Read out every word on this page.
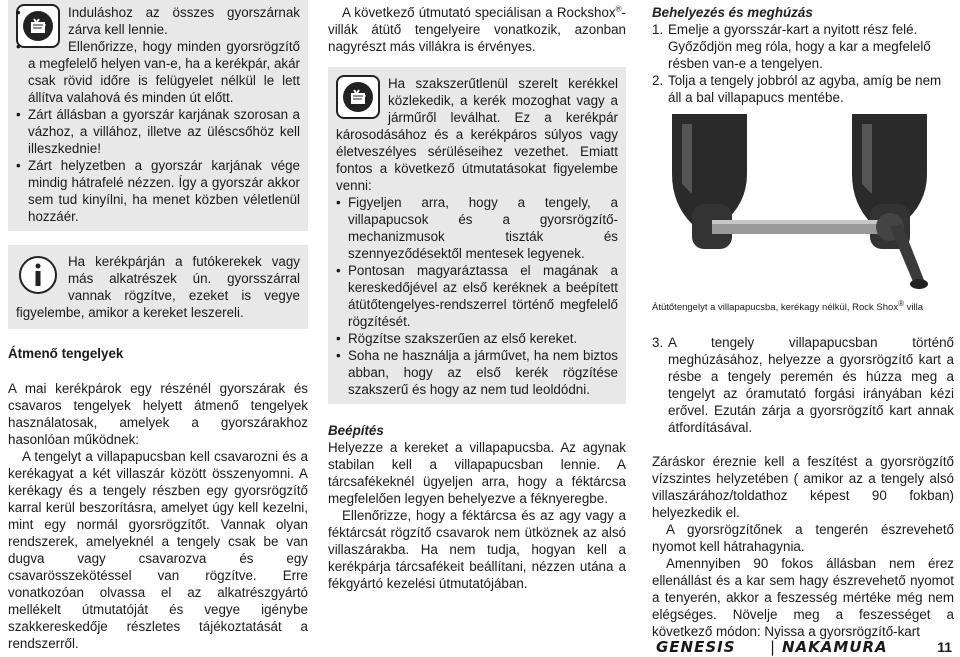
• Induláshoz az összes gyorszárnak zárva kell lennie.
• Ellenőrizze, hogy minden gyorsrögzítő a megfelelő helyen van-e, ha a kerékpár, akár csak rövid időre is felügyelet nélkül le lett állítva valahová és minden út előtt.
• Zárt állásban a gyorszár karjának szorosan a vázhoz, a villához, illetve az üléscsőhöz kell illeszkednie!
• Zárt helyzetben a gyorszár karjának vége mindig hátrafelé nézzen. Így a gyorszár akkor sem tud kinyílni, ha menet közben véletlenül hozzáér.

Ha kerékpárján a futókerekek vagy más alkatrészek ún. gyorsszárral vannak rögzítve, ezeket is vegye figyelembe, amikor a kereket leszereli.

Átmenő tengelyek

A mai kerékpárok egy részénél gyorszárak és csavaros tengelyek helyett átmenő tengelyek használatosak, amelyek a gyorszárakhoz hasonlóan működnek:

A tengelyt a villapapucsban kell csavarozni és a kerékagyat a két villaszár között összenyomni. A kerékagy és a tengely részben egy gyorsrögzítő karral kerül beszorításra, amelyet úgy kell kezelni, mint egy normál gyorsrögzítőt. Vannak olyan rendszerek, amelyeknél a tengely csak be van dugva vagy csavarozva és egy csavarösszekötéssel van rögzítve. Erre vonatkozóan olvassa el az alkatrészgyártó mellékelt útmutatóját és vegye igénybe szakkereskedője részletes tájékoztatását a rendszerről.

A következő útmutató speciálisan a Rockshox®-villák átütő tengelyeire vonatkozik, azonban nagyrészt más villákra is érvényes.

Ha szakszerűtlenül szerelt kerékkel közlekedik, a kerék mozoghat vagy a járműről leválhat. Ez a kerékpár károsodásához és a kerékpáros súlyos vagy életveszélyes sérüléseihez vezethet. Emiatt fontos a következő útmutatásokat figyelembe venni:

• Figyeljen arra, hogy a tengely, a villapapucsok és a gyorsrögzítő-mechanizmusok tiszták és szennyeződésektől mentesek legyenek.
• Pontosan magyaráztassa el magának a kereskedőjével az első keréknek a beépített átütőtengelyes-rendszerrel történő megfelelő rögzítését.
• Rögzítse szakszerűen az első kereket.
• Soha ne használja a járművet, ha nem biztos abban, hogy az első kerék rögzítése szakszerű és hogy az nem tud leoldódni.
Beépítés

Helyezze a kereket a villapapucsba. Az agynak stabilan kell a villapapucsban lennie. A tárcsafékeknél ügyeljen arra, hogy a féktárcsa megfelelően legyen behelyezve a féknyeregbe.

Ellenőrizze, hogy a féktárcsa és az agy vagy a féktárcsát rögzítő csavarok nem ütköznek az alsó villaszárakba. Ha nem tudja, hogyan kell a kerékpárja tárcsafékeit beállítani, nézzen utána a fékgyártó kezelési útmutatójában.

Behelyezés és meghúzás
1. Emelje a gyorsszár-kart a nyitott rész felé. Győződjön meg róla, hogy a kar a megfelelő résben van-e a tengelyen.
2. Tolja a tengely jobbról az agyba, amíg be nem áll a bal villapapucs mentébe.

Átütőtengelyt a villapapucsba, kerékagy nélkül, Rock Shox® villa

3. A tengely villapapucsban történő meghúzásához, helyezze a gyorsrögzítő kart a résbe a tengely peremén és húzza meg a tengelyt az óramutató forgási irányában kézi erővel. Ezután zárja a gyorsrögzítő kart annak átfordításával.

Záráskor éreznie kell a feszítést a gyorsrögzítő vízszintes helyzetében ( amikor az a tengely alsó villaszárához/toldathoz képest 90 fokban) helyezkedik el.

A gyorsrögzítőnek a tengerén észrevehető nyomot kell hátrahagynia.

Amennyiben 90 fokos állásban nem érez ellenállást és a kar sem hagy észrevehető nyomot a tenyerén, akkor a feszesség mértéke még nem elégséges. Növelje meg a feszességet a következő módon: Nyissa a gyorsrögzítő-kart

GENESIS | NAKAMURA	11
